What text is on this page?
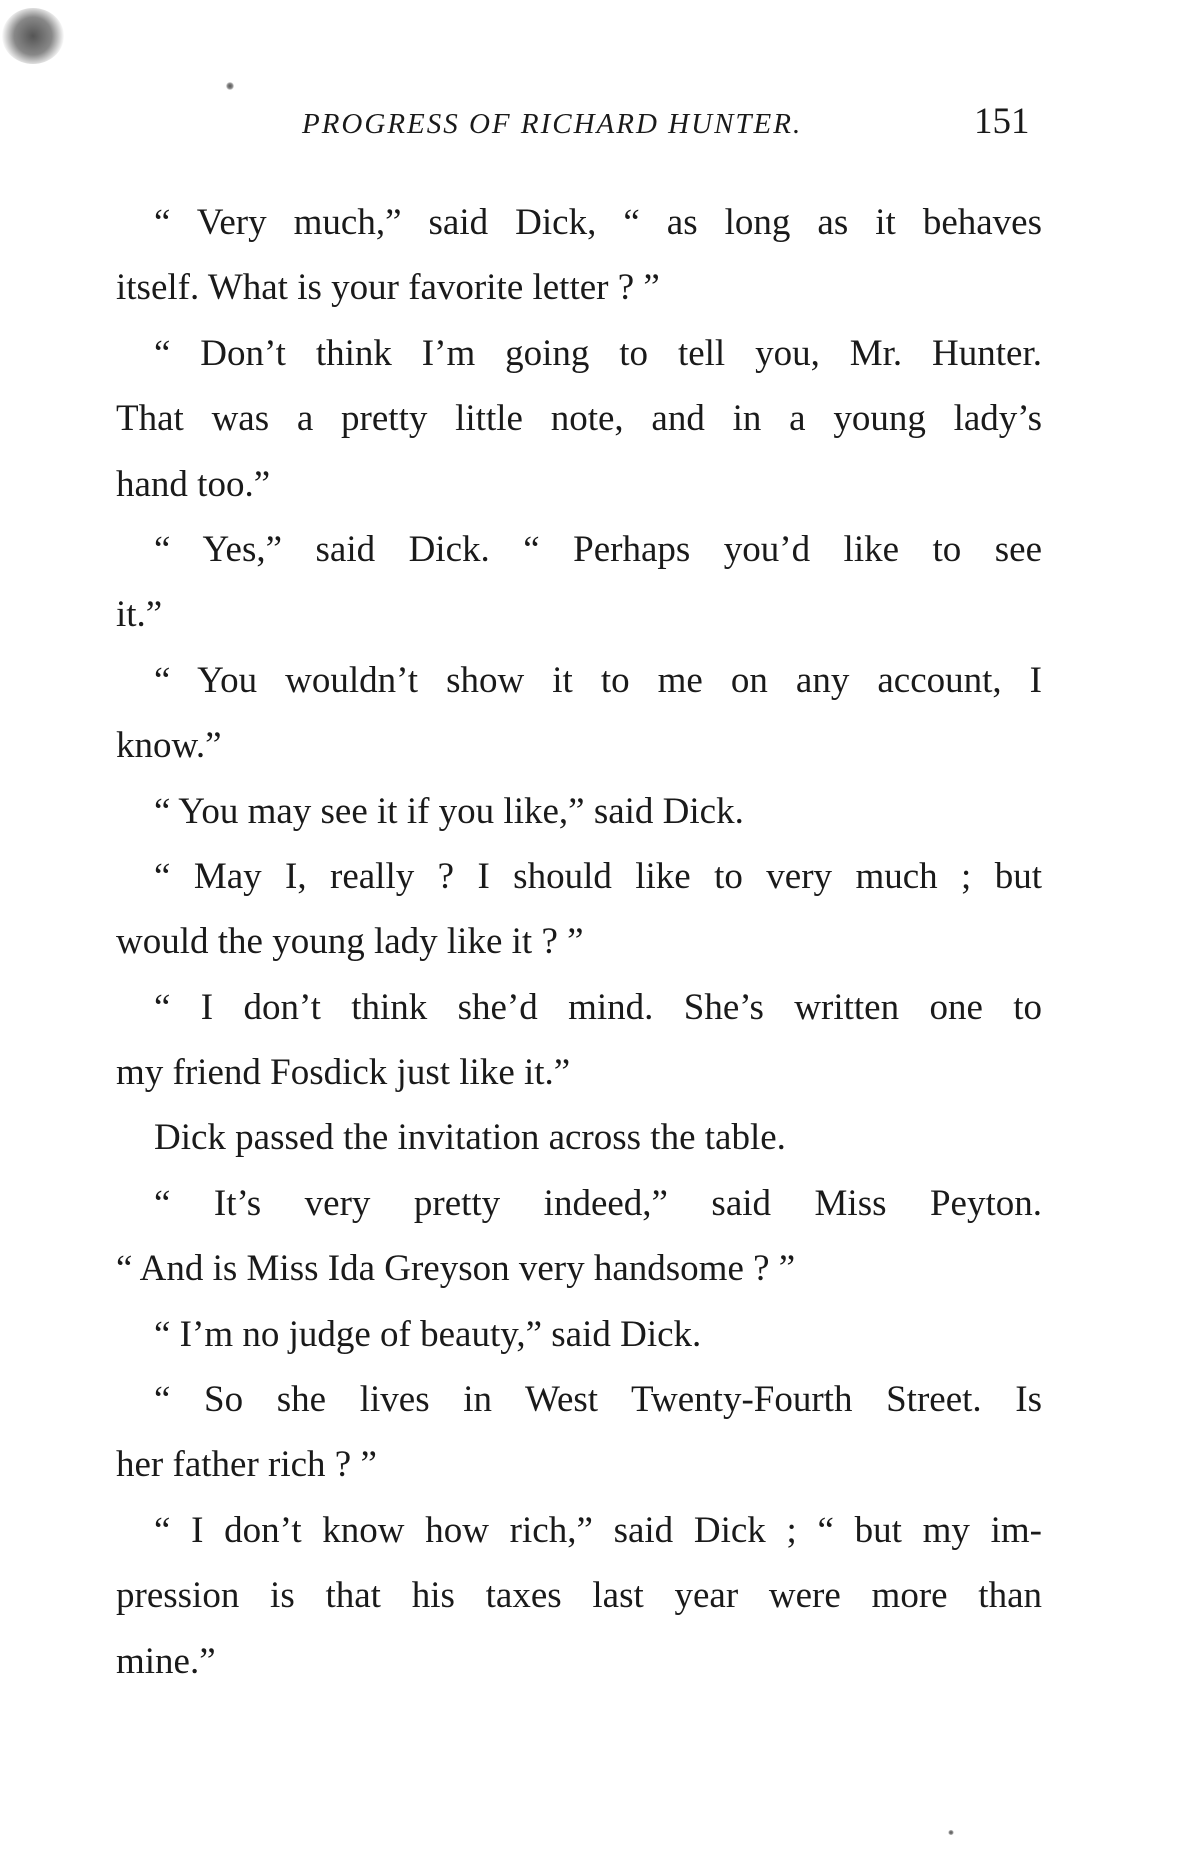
PROGRESS OF RICHARD HUNTER.	151
“ Very much,” said Dick, “ as long as it behaves
itself. What is your favorite letter ? ”
“ Don’t think I’m going to tell you, Mr. Hunter.
That was a pretty little note, and in a young lady’s
hand too.”
“ Yes,” said Dick. “ Perhaps you’d like to see
it.”
“ You wouldn’t show it to me on any account, I
know.”
“ You may see it if you like,” said Dick.
“ May I, really ? I should like to very much ; but
would the young lady like it ? ”
“ I don’t think she’d mind. She’s written one to
my friend Fosdick just like it.”
Dick passed the invitation across the table.
“ It’s very pretty indeed,” said Miss Peyton.
“ And is Miss Ida Greyson very handsome ? ”
“ I’m no judge of beauty,” said Dick.
“ So she lives in West Twenty-Fourth Street. Is
her father rich ? ”
“ I don’t know how rich,” said Dick ; “ but my im-
pression is that his taxes last year were more than
mine.”
